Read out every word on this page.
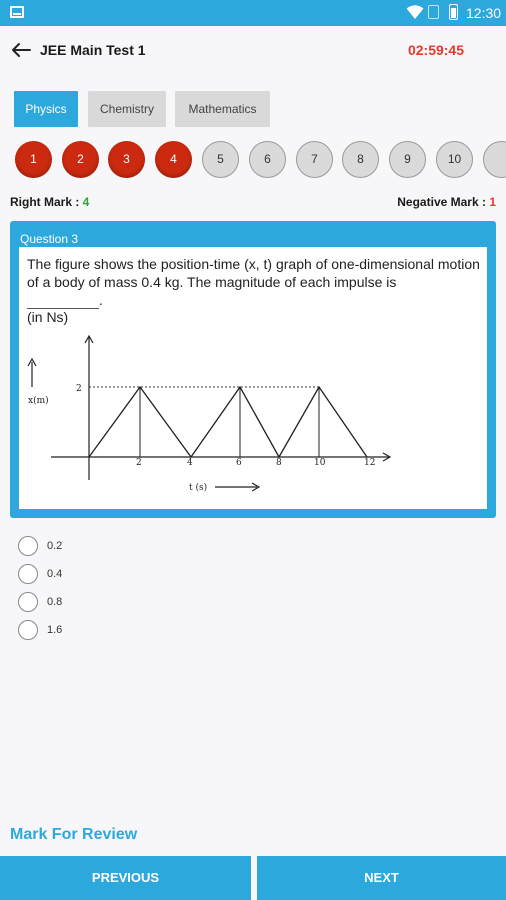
12:30
JEE Main Test 1	02:59:45
Physics	Chemistry	Mathematics
1	2	3	4	5	6	7	8	9	10
Right Mark : 4	Negative Mark : 1
Question 3
The figure shows the position-time (x, t) graph of one-dimensional motion of a body of mass 0.4 kg. The magnitude of each impulse is
.
(in Ns)
x(m)
2
2	4	6	8	10	12
t (s)
0.2
0.4
0.8
1.6
Mark For Review
PREVIOUS	NEXT
